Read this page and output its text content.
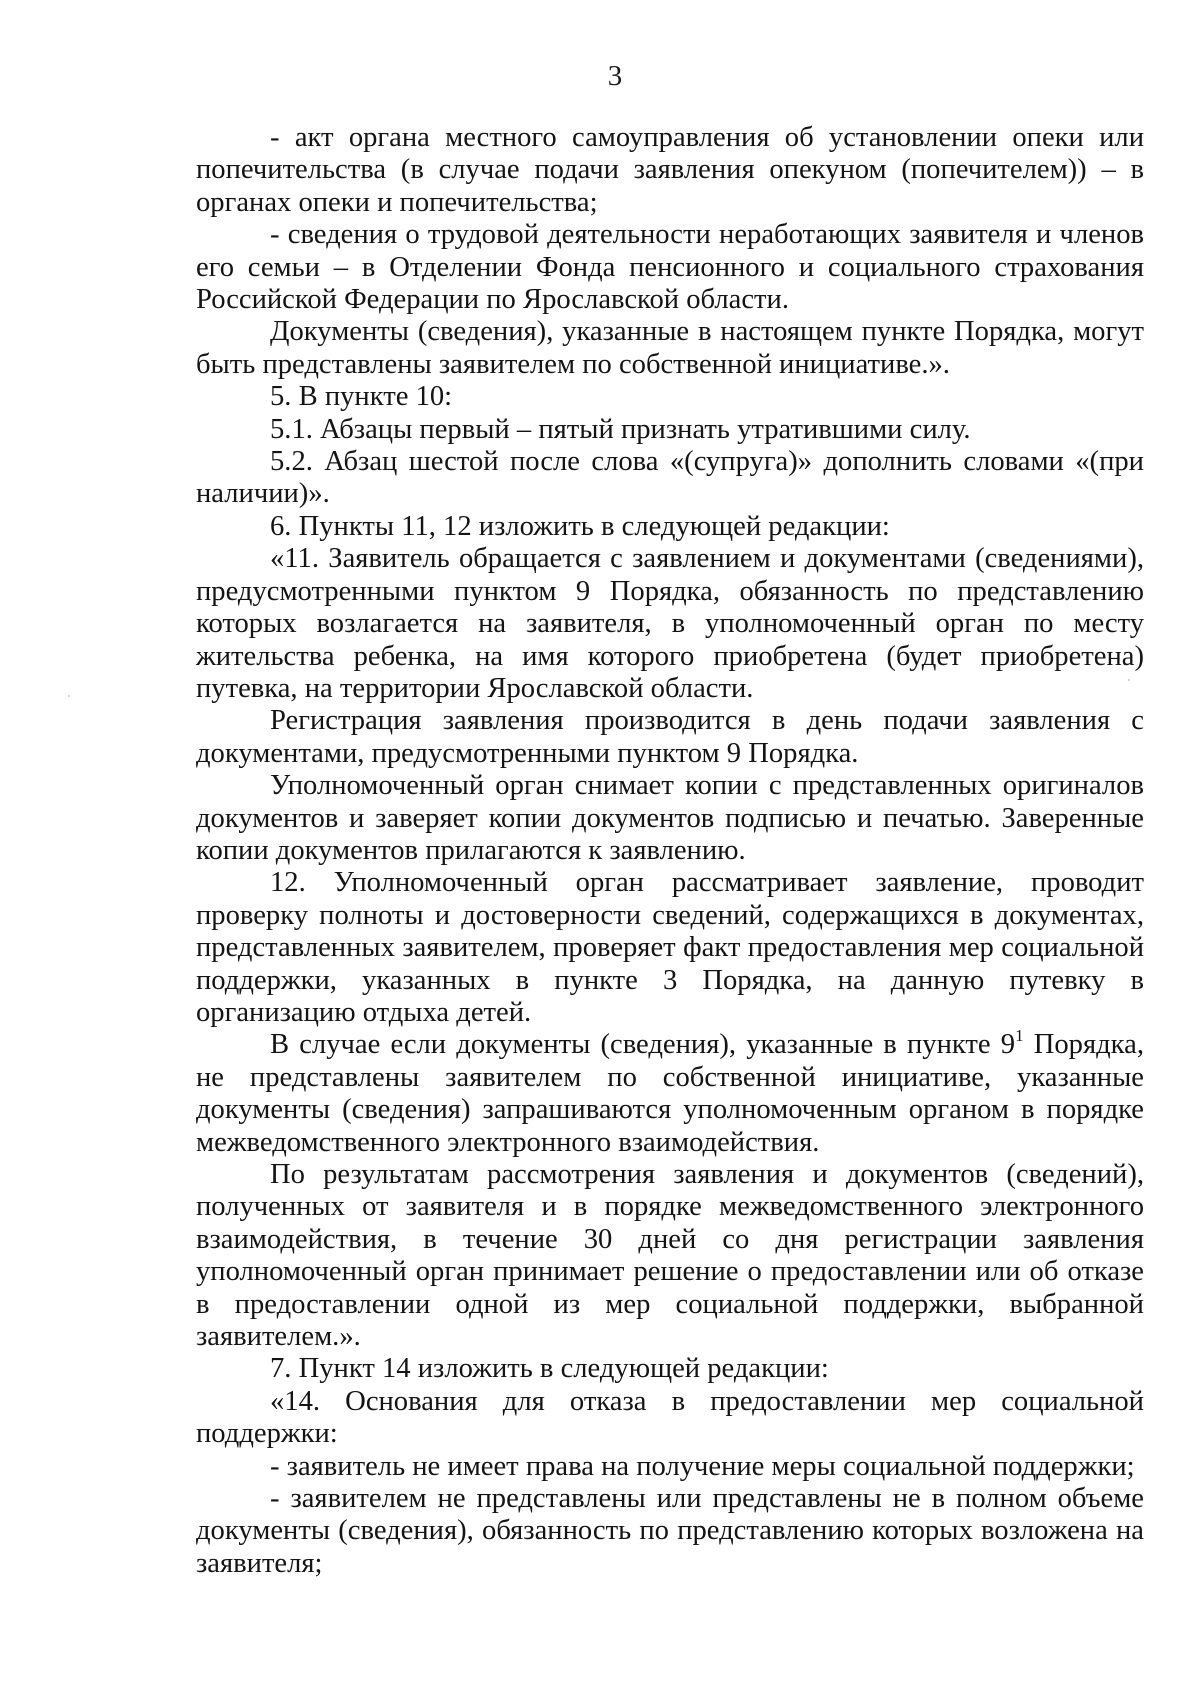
3

- акт органа местного самоуправления об установлении опеки или попечительства (в случае подачи заявления опекуном (попечителем)) – в органах опеки и попечительства;

- сведения о трудовой деятельности неработающих заявителя и членов его семьи – в Отделении Фонда пенсионного и социального страхования Российской Федерации по Ярославской области.

Документы (сведения), указанные в настоящем пункте Порядка, могут быть представлены заявителем по собственной инициативе.».

5. В пункте 10:

5.1. Абзацы первый – пятый признать утратившими силу.

5.2. Абзац шестой после слова «(супруга)» дополнить словами «(при наличии)».

6. Пункты 11, 12 изложить в следующей редакции:

«11. Заявитель обращается с заявлением и документами (сведениями), предусмотренными пунктом 9 Порядка, обязанность по представлению которых возлагается на заявителя, в уполномоченный орган по месту жительства ребенка, на имя которого приобретена (будет приобретена) путевка, на территории Ярославской области.

Регистрация заявления производится в день подачи заявления с документами, предусмотренными пунктом 9 Порядка.

Уполномоченный орган снимает копии с представленных оригиналов документов и заверяет копии документов подписью и печатью. Заверенные копии документов прилагаются к заявлению.

12. Уполномоченный орган рассматривает заявление, проводит проверку полноты и достоверности сведений, содержащихся в документах, представленных заявителем, проверяет факт предоставления мер социальной поддержки, указанных в пункте 3 Порядка, на данную путевку в организацию отдыха детей.

В случае если документы (сведения), указанные в пункте $9^1$ Порядка, не представлены заявителем по собственной инициативе, указанные документы (сведения) запрашиваются уполномоченным органом в порядке межведомственного электронного взаимодействия.

По результатам рассмотрения заявления и документов (сведений), полученных от заявителя и в порядке межведомственного электронного взаимодействия, в течение 30 дней со дня регистрации заявления уполномоченный орган принимает решение о предоставлении или об отказе в предоставлении одной из мер социальной поддержки, выбранной заявителем.».

7. Пункт 14 изложить в следующей редакции:

«14. Основания для отказа в предоставлении мер социальной поддержки:

- заявитель не имеет права на получение меры социальной поддержки;

- заявителем не представлены или представлены не в полном объеме документы (сведения), обязанность по представлению которых возложена на заявителя;
